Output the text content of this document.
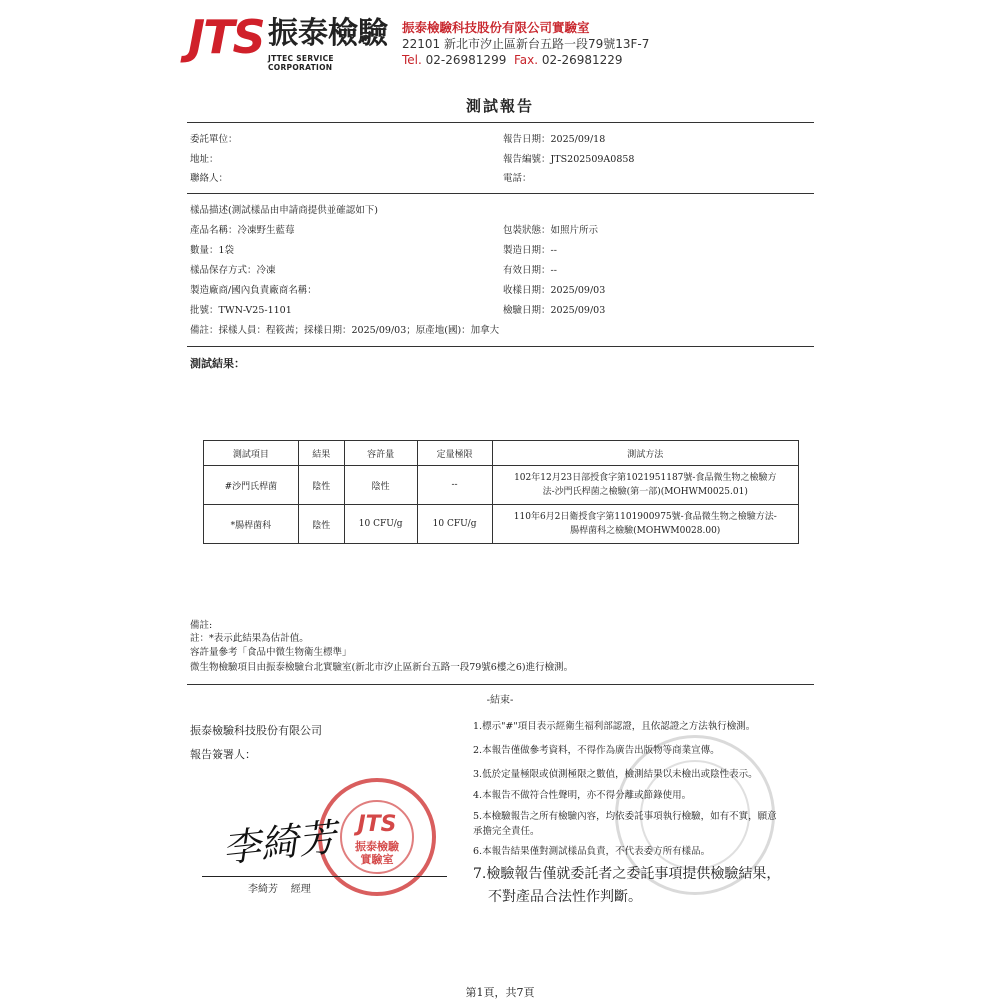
JTS 振泰檢驗
JTTEC SERVICE CORPORATION
振泰檢驗科技股份有限公司實驗室
22101 新北市汐止區新台五路一段79號13F-7
Tel. 02-26981299 Fax. 02-26981229
測試報告
委託單位：
地址：
聯絡人：
報告日期：2025/09/18
報告編號：JTS202509A0858
電話：
樣品描述(測試樣品由申請商提供並確認如下)
產品名稱：冷凍野生藍莓	包裝狀態：如照片所示
數量：1袋	製造日期：--
樣品保存方式：冷凍	有效日期：--
製造廠商/國內負責廠商名稱：	收樣日期：2025/09/03
批號：TWN-V25-1101	檢驗日期：2025/09/03
備註：採樣人員：程筱茜；採樣日期：2025/09/03；原產地(國)：加拿大
測試結果：
測試項目	結果	容許量	定量極限	測試方法
#沙門氏桿菌	陰性	陰性	--	102年12月23日部授食字第1021951187號-食品微生物之檢驗方
法-沙門氏桿菌之檢驗(第一部)(MOHWM0025.01)

*腸桿菌科	陰性	10 CFU/g	10 CFU/g	110年6月2日衛授食字第1101900975號-食品微生物之檢驗方法-
腸桿菌科之檢驗(MOHWM0028.00)
備註:
註：*表示此結果為估計值。
容許量參考「食品中微生物衛生標準」
微生物檢驗項目由振泰檢驗台北實驗室(新北市汐止區新台五路一段79號6樓之6)進行檢測。
-結束-
振泰檢驗科技股份有限公司
報告簽署人：
JTS
振泰檢驗
實驗室
李綺芳
李綺芳 經理
1.標示"#"項目表示經衛生福利部認證，且依認證之方法執行檢測。
2.本報告僅做參考資料，不得作為廣告出版物等商業宣傳。
3.低於定量極限或偵測極限之數值，檢測結果以未檢出或陰性表示。
4.本報告不做符合性聲明，亦不得分離或節錄使用。
5.本檢驗報告之所有檢驗內容，均依委託事項執行檢驗，如有不實，願意
承擔完全責任。
6.本報告結果僅對測試樣品負責，不代表委方所有樣品。
7.檢驗報告僅就委託者之委託事項提供檢驗結果，
不對產品合法性作判斷。
第1頁，共7頁
